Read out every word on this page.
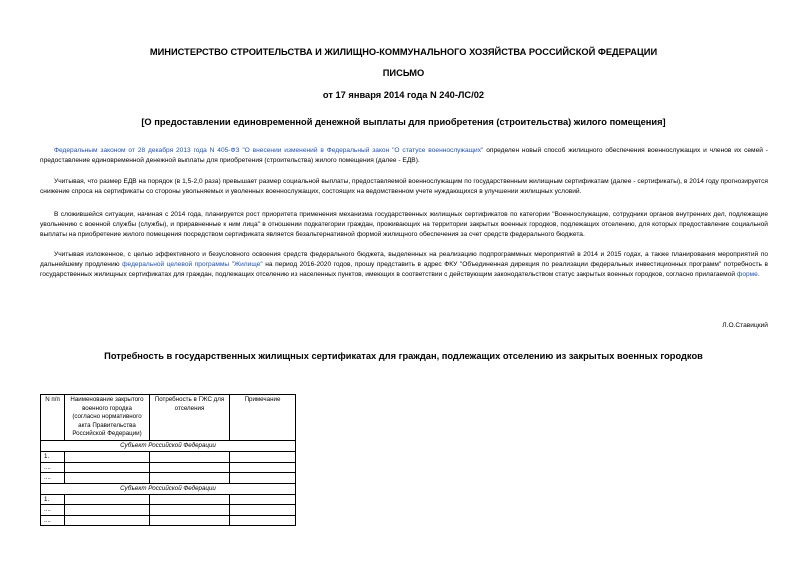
МИНИСТЕРСТВО СТРОИТЕЛЬСТВА И ЖИЛИЩНО-КОММУНАЛЬНОГО ХОЗЯЙСТВА РОССИЙСКОЙ ФЕДЕРАЦИИ
ПИСЬМО
от 17 января 2014 года N 240-ЛС/02
[О предоставлении единовременной денежной выплаты для приобретения (строительства) жилого помещения]

Федеральным законом от 28 декабря 2013 года N 405-ФЗ "О внесении изменений в Федеральный закон "О статусе военнослужащих" определен новый способ жилищного обеспечения военнослужащих и членов их семей - предоставление единовременной денежной выплаты для приобретения (строительства) жилого помещения (далее - ЕДВ).

Учитывая, что размер ЕДВ на порядок (в 1,5-2,0 раза) превышает размер социальной выплаты, предоставляемой военнослужащим по государственным жилищным сертификатам (далее - сертификаты), в 2014 году прогнозируется снижение спроса на сертификаты со стороны увольняемых и уволенных военнослужащих, состоящих на ведомственном учете нуждающихся в улучшении жилищных условий.

В сложившейся ситуации, начиная с 2014 года, планируется рост приоритета применения механизма государственных жилищных сертификатов по категории "Военнослужащие, сотрудники органов внутренних дел, подлежащие увольнению с военной службы (службы), и приравненные к ним лица" в отношении подкатегории граждан, проживающих на территории закрытых военных городков, подлежащих отселению, для которых предоставление социальной выплаты на приобретение жилого помещения посредством сертификата является безальтернативной формой жилищного обеспечения за счет средств федерального бюджета.

Учитывая изложенное, с целью эффективного и безусловного освоения средств федерального бюджета, выделенных на реализацию подпрограммных мероприятий в 2014 и 2015 годах, а также планирования мероприятий по дальнейшему продлению федеральной целевой программы "Жилище" на период 2016-2020 годов, прошу представить в адрес ФКУ "Объединенная дирекция по реализации федеральных инвестиционных программ" потребность в государственных жилищных сертификатах для граждан, подлежащих отселению из населенных пунктов, имеющих в соответствии с действующим законодательством статус закрытых военных городков, согласно прилагаемой форме.

Л.О.Ставицкий
Потребность в государственных жилищных сертификатах для граждан, подлежащих отселению из закрытых военных городков
N п/п	Наименование закрытого военного городка (согласно нормативного акта Правительства Российской Федерации)	Потребность в ГЖС для отселения	Примечание
Субъект Российской Федерации			
1.			
....			
....			
Субъект Российской Федерации			
1.			
....			
....			
